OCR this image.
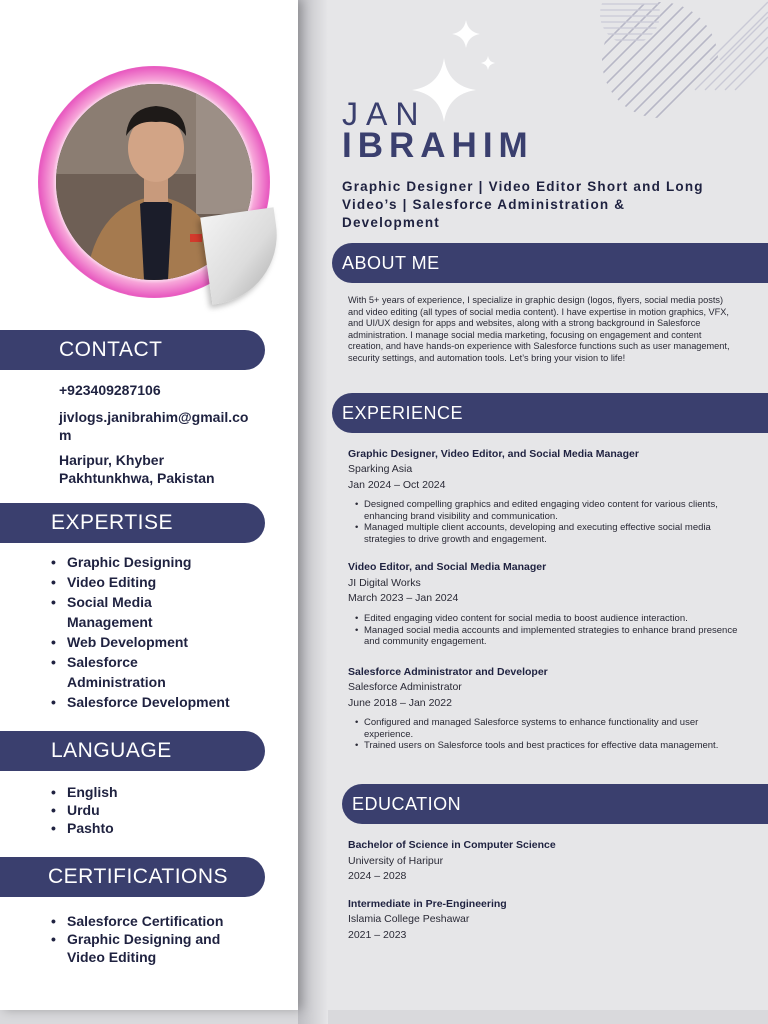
CONTACT
+923409287106
jivlogs.janibrahim@gmail.com
Haripur, Khyber Pakhtunkhwa, Pakistan
EXPERTISE
• Graphic Designing
• Video Editing
• Social Media Management
• Web Development
• Salesforce Administration
• Salesforce Development
LANGUAGE
• English
• Urdu
• Pashto
CERTIFICATIONS
• Salesforce Certification
• Graphic Designing and Video Editing
JAN
IBRAHIM
Graphic Designer | Video Editor Short and Long Video’s | Salesforce Administration & Development
ABOUT ME
With 5+ years of experience, I specialize in graphic design (logos, flyers, social media posts) and video editing (all types of social media content). I have expertise in motion graphics, VFX, and UI/UX design for apps and websites, along with a strong background in Salesforce administration. I manage social media marketing, focusing on engagement and content creation, and have hands-on experience with Salesforce functions such as user management, security settings, and automation tools. Let’s bring your vision to life!
EXPERIENCE
Graphic Designer, Video Editor, and Social Media Manager
Sparking Asia
Jan 2024 – Oct 2024
• Designed compelling graphics and edited engaging video content for various clients, enhancing brand visibility and communication.
• Managed multiple client accounts, developing and executing effective social media strategies to drive growth and engagement.
Video Editor, and Social Media Manager
JI Digital Works
March 2023 – Jan 2024
• Edited engaging video content for social media to boost audience interaction.
• Managed social media accounts and implemented strategies to enhance brand presence and community engagement.
Salesforce Administrator and Developer
Salesforce Administrator
June 2018 – Jan 2022
• Configured and managed Salesforce systems to enhance functionality and user experience.
• Trained users on Salesforce tools and best practices for effective data management.
EDUCATION
Bachelor of Science in Computer Science
University of Haripur
2024 – 2028
Intermediate in Pre-Engineering
Islamia College Peshawar
2021 – 2023
